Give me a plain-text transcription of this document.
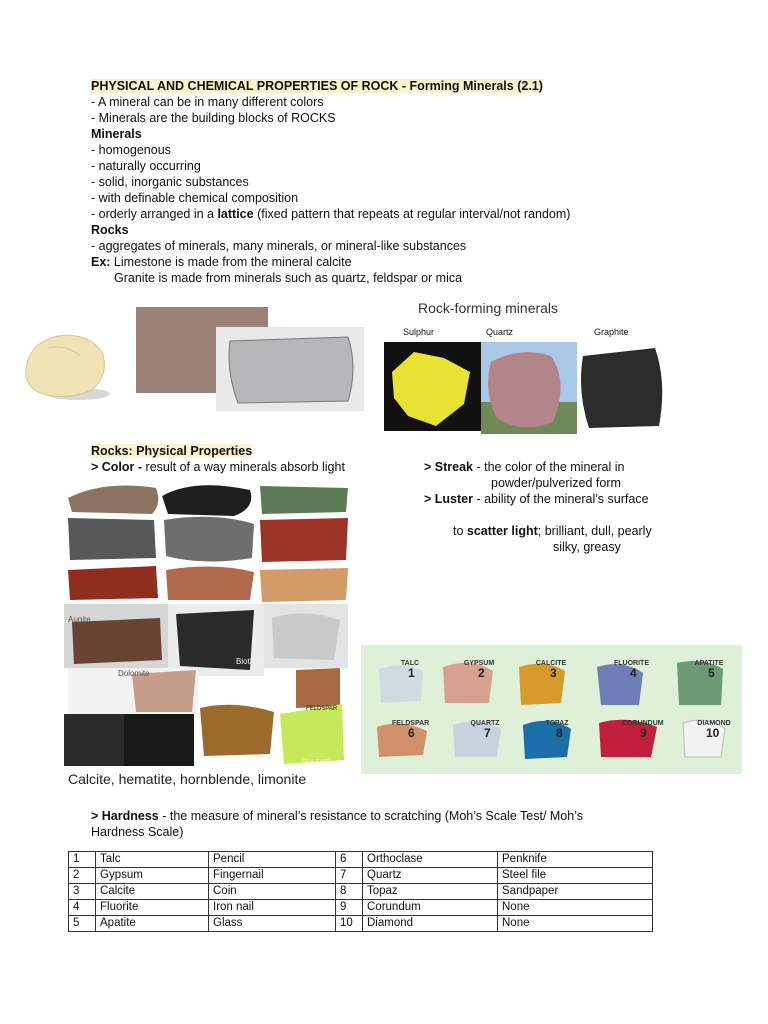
PHYSICAL AND CHEMICAL PROPERTIES OF ROCK - Forming Minerals (2.1)
- A mineral can be in many different colors
- Minerals are the building blocks of ROCKS
Minerals
- homogenous
- naturally occurring
- solid, inorganic substances
- with definable chemical composition
- orderly arranged in a lattice (fixed pattern that repeats at regular interval/not random)
Rocks
- aggregates of minerals, many minerals, or mineral-like substances
Ex: Limestone is made from the mineral calcite
Granite is made from minerals such as quartz, feldspar or mica
Rock-forming minerals
Sulphur	Quartz	Graphite
Rocks: Physical Properties
> Color - result of a way minerals absorb light	> Streak - the color of the mineral in
powder/pulverized form
> Luster - ability of the mineral’s surface
to scatter light; brilliant, dull, pearly
silky, greasy
Augite
Biotite
Dolomite
FELDSPAR
SULFUR
Calcite, hematite, hornblende, limonite
TALC
1
GYPSUM
2
CALCITE
3
FLUORITE
4
APATITE
5
FELDSPAR
6
QUARTZ
7
TOPAZ
8
CORUNDUM
9
DIAMOND
10
> Hardness - the measure of mineral’s resistance to scratching (Moh’s Scale Test/ Moh’s
Hardness Scale)
1	Talc	Pencil	6	Orthoclase	Penknife
2	Gypsum	Fingernail	7	Quartz	Steel file
3	Calcite	Coin	8	Topaz	Sandpaper
4	Fluorite	Iron nail	9	Corundum	None
5	Apatite	Glass	10	Diamond	None
